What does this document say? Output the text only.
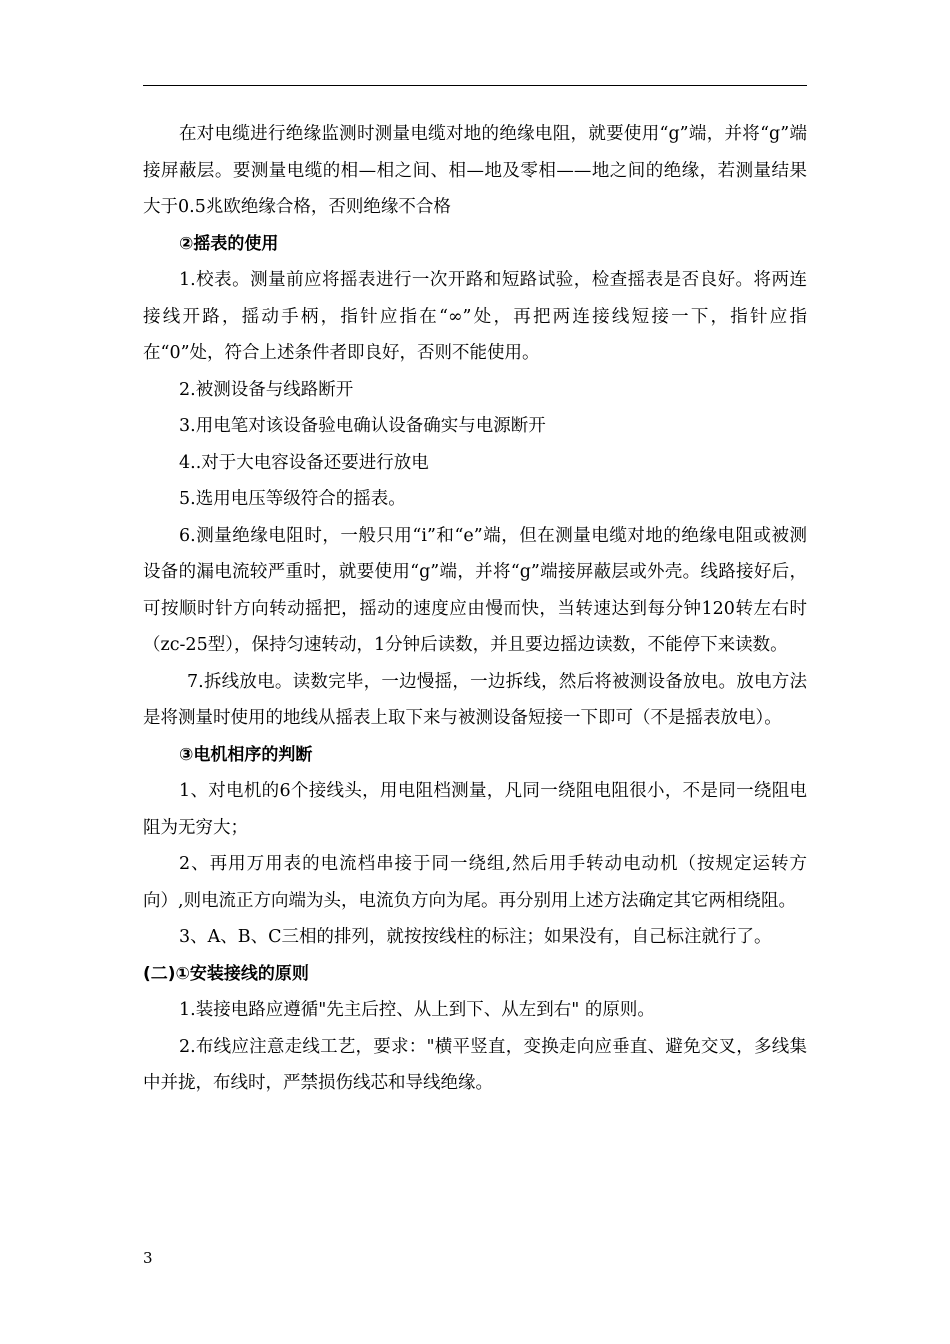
在对电缆进行绝缘监测时测量电缆对地的绝缘电阻，就要使用“g”端，并将“g”端接屏蔽层。要测量电缆的相—相之间、相—地及零相——地之间的绝缘，若测量结果大于0.5兆欧绝缘合格，否则绝缘不合格

②摇表的使用

1.校表。测量前应将摇表进行一次开路和短路试验，检查摇表是否良好。将两连接线开路，摇动手柄，指针应指在“∞”处，再把两连接线短接一下，指针应指在“0”处，符合上述条件者即良好，否则不能使用。

2.被测设备与线路断开

3.用电笔对该设备验电确认设备确实与电源断开

4..对于大电容设备还要进行放电

5.选用电压等级符合的摇表。

6.测量绝缘电阻时，一般只用“i”和“e”端，但在测量电缆对地的绝缘电阻或被测设备的漏电流较严重时，就要使用“g”端，并将“g”端接屏蔽层或外壳。线路接好后，可按顺时针方向转动摇把，摇动的速度应由慢而快，当转速达到每分钟120转左右时（zc-25型），保持匀速转动，1分钟后读数，并且要边摇边读数，不能停下来读数。

7.拆线放电。读数完毕，一边慢摇，一边拆线，然后将被测设备放电。放电方法是将测量时使用的地线从摇表上取下来与被测设备短接一下即可（不是摇表放电）。

③电机相序的判断

1、对电机的6个接线头，用电阻档测量，凡同一绕阻电阻很小，不是同一绕阻电阻为无穷大；

2、再用万用表的电流档串接于同一绕组,然后用手转动电动机（按规定运转方向）,则电流正方向端为头，电流负方向为尾。再分别用上述方法确定其它两相绕阻。

3、A、B、C三相的排列，就按按线柱的标注；如果没有，自己标注就行了。

(二)①安装接线的原则

1.装接电路应遵循"先主后控、从上到下、从左到右" 的原则。

2.布线应注意走线工艺，要求："横平竖直，变换走向应垂直、避免交叉，多线集中并拢，布线时，严禁损伤线芯和导线绝缘。

3
